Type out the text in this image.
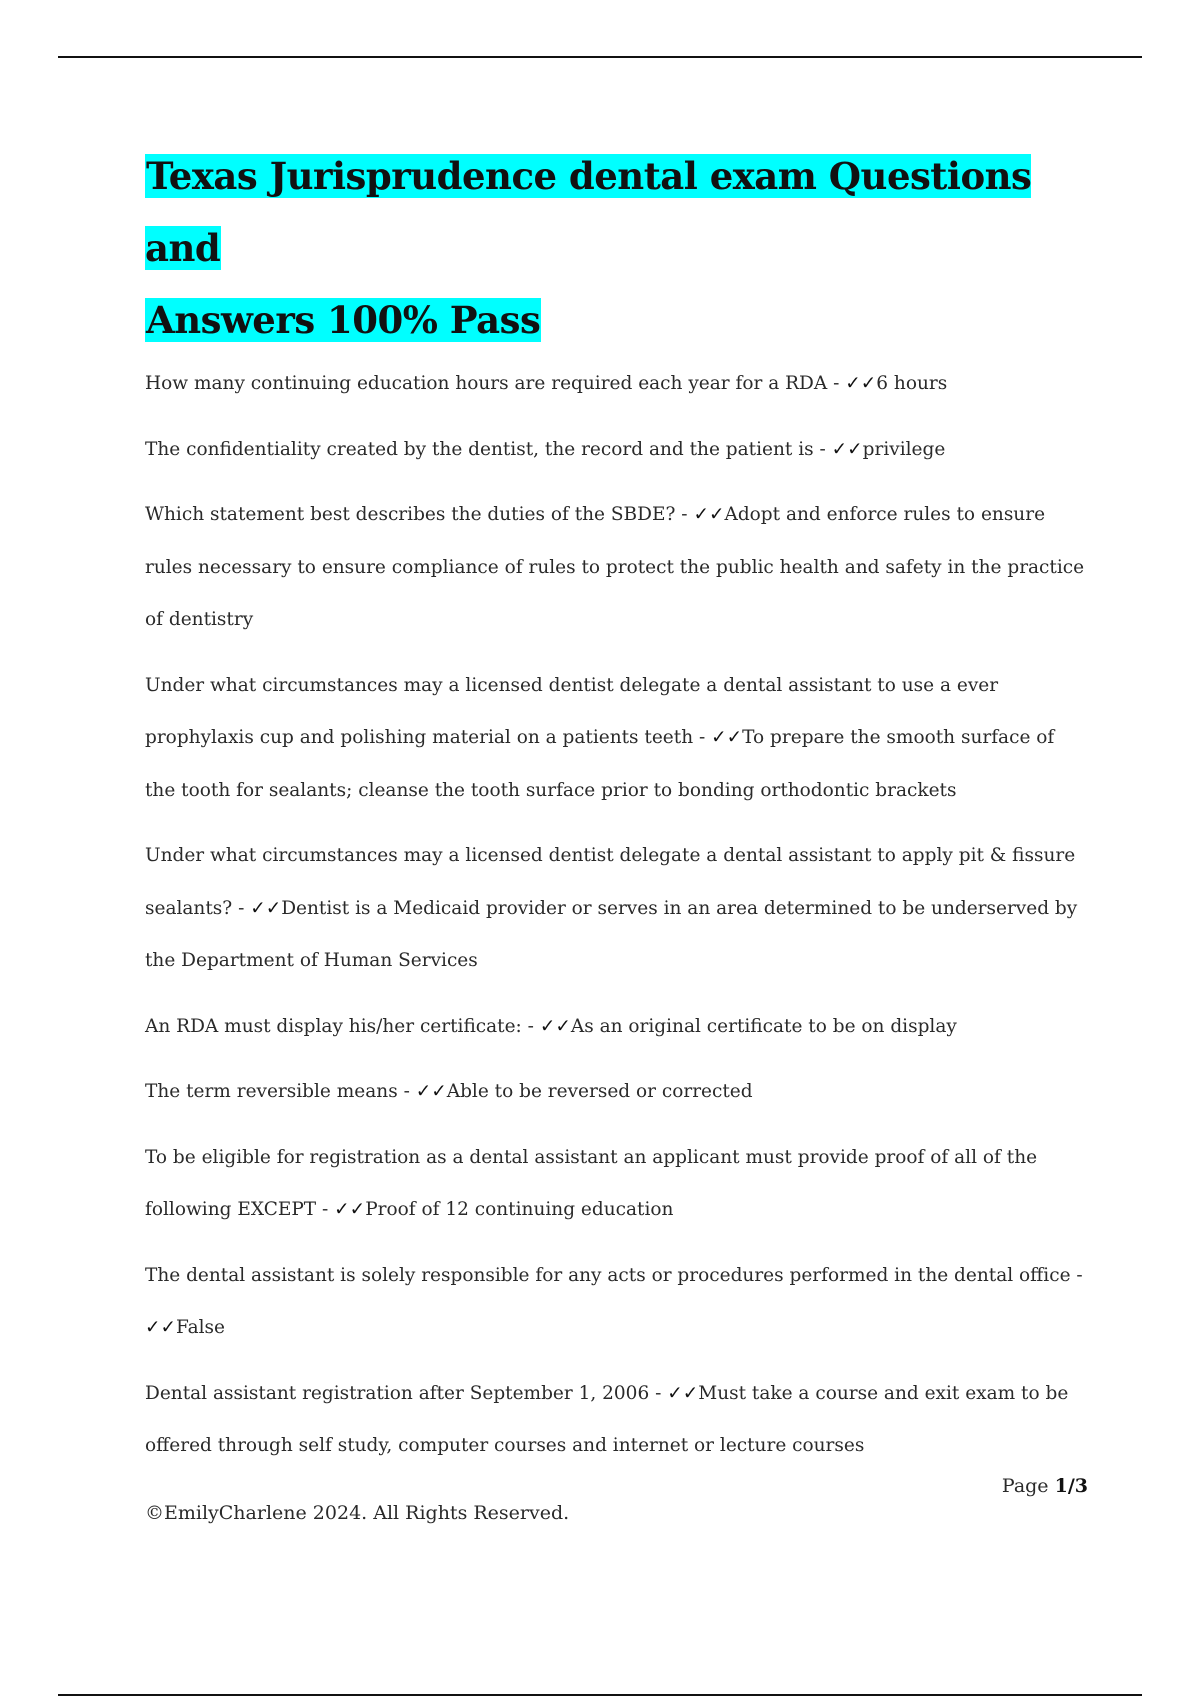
Texas Jurisprudence dental exam Questions and
Answers 100% Pass
How many continuing education hours are required each year for a RDA - ✓✓6 hours
The confidentiality created by the dentist, the record and the patient is - ✓✓privilege
Which statement best describes the duties of the SBDE? - ✓✓Adopt and enforce rules to ensure rules necessary to ensure compliance of rules to protect the public health and safety in the practice of dentistry
Under what circumstances may a licensed dentist delegate a dental assistant to use a ever prophylaxis cup and polishing material on a patients teeth - ✓✓To prepare the smooth surface of the tooth for sealants; cleanse the tooth surface prior to bonding orthodontic brackets
Under what circumstances may a licensed dentist delegate a dental assistant to apply pit & fissure sealants? - ✓✓Dentist is a Medicaid provider or serves in an area determined to be underserved by the Department of Human Services
An RDA must display his/her certificate: - ✓✓As an original certificate to be on display
The term reversible means - ✓✓Able to be reversed or corrected
To be eligible for registration as a dental assistant an applicant must provide proof of all of the following EXCEPT - ✓✓Proof of 12 continuing education
The dental assistant is solely responsible for any acts or procedures performed in the dental office - ✓✓False
Dental assistant registration after September 1, 2006 - ✓✓Must take a course and exit exam to be offered through self study, computer courses and internet or lecture courses
Page 1/3
©EmilyCharlene 2024. All Rights Reserved.
